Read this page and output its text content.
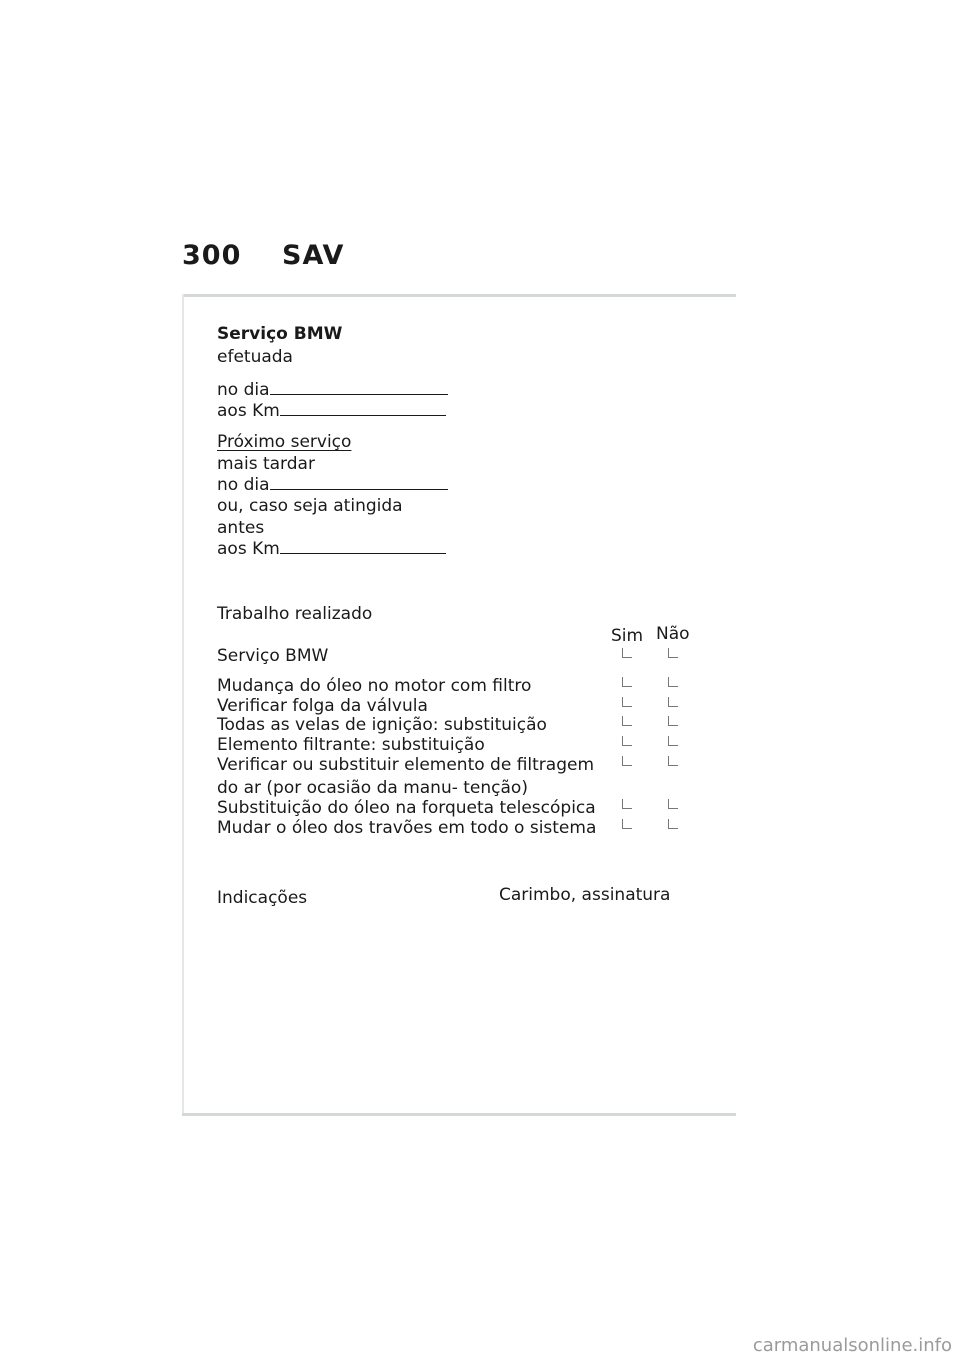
300 SAV
Serviço BMW
efetuada
no dia
aos Km
Próximo serviço
mais tardar
no dia
ou, caso seja atingida
antes
aos Km
Trabalho realizado
Sim Não
Serviço BMW
Mudança do óleo no motor com filtro
Verificar folga da válvula
Todas as velas de ignição: substituição
Elemento filtrante: substituição
Verificar ou substituir elemento de filtragem
do ar (por ocasião da manu- tenção)
Substituição do óleo na forqueta telescópica
Mudar o óleo dos travões em todo o sistema
Indicações	Carimbo, assinatura
carmanualsonline.info
